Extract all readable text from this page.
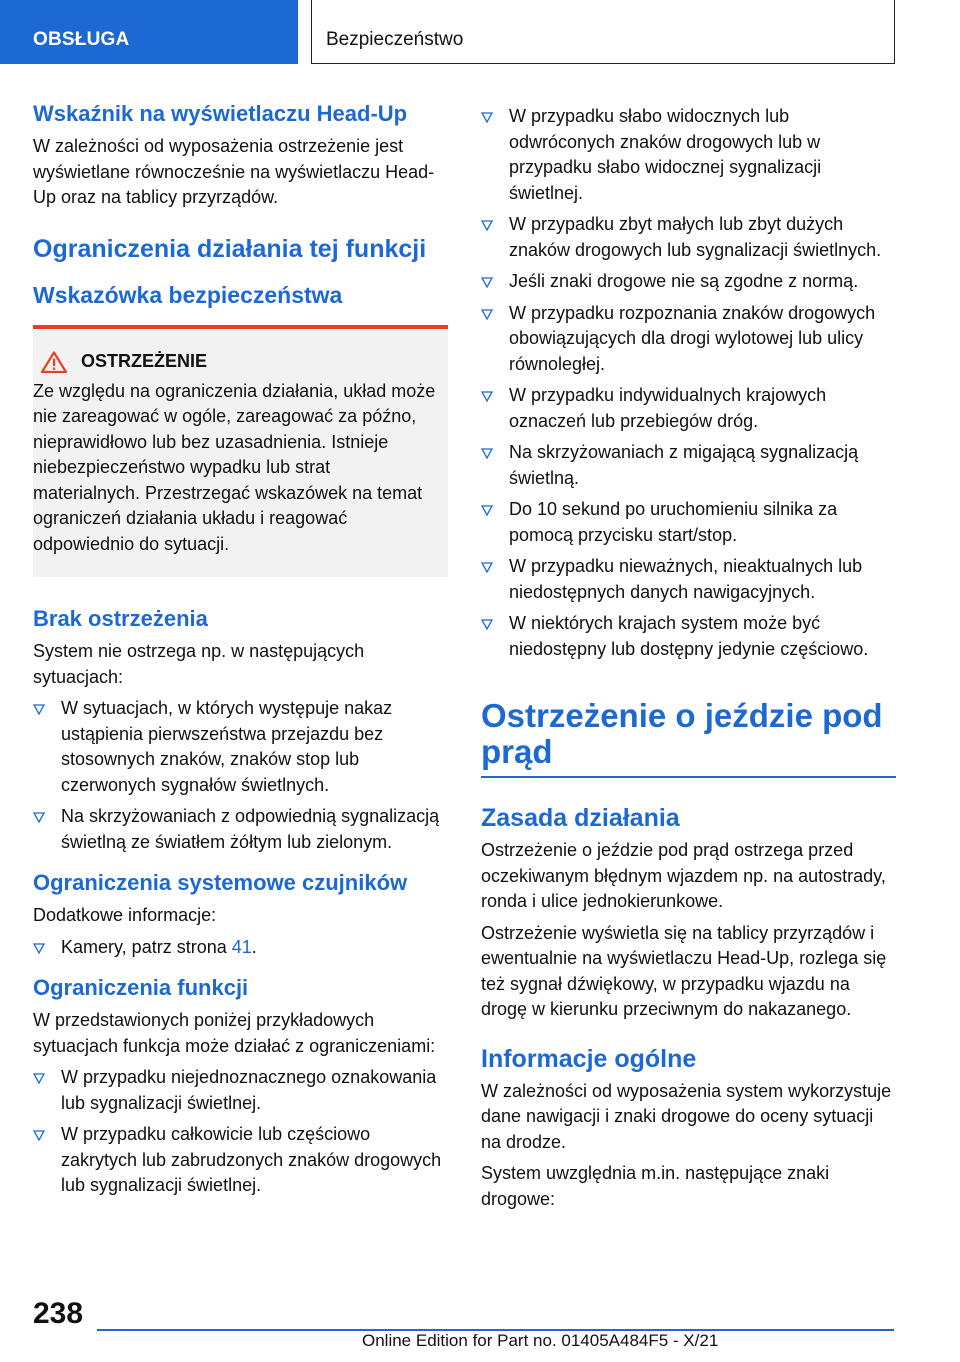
OBSŁUGA	Bezpieczeństwo
Wskaźnik na wyświetlaczu Head-Up

W zależności od wyposażenia ostrzeżenie jest wyświetlane równocześnie na wyświetlaczu Head-Up oraz na tablicy przyrządów.

Ograniczenia działania tej funkcji
Wskazówka bezpieczeństwa
OSTRZEŻENIE

Ze względu na ograniczenia działania, układ może nie zareagować w ogóle, zareagować za późno, nieprawidłowo lub bez uzasadnienia. Istnieje niebezpieczeństwo wypadku lub strat materialnych. Przestrzegać wskazówek na temat ograniczeń działania układu i reagować odpowiednio do sytuacji.

Brak ostrzeżenia

System nie ostrzega np. w następujących sytuacjach:

W sytuacjach, w których występuje nakaz ustąpienia pierwszeństwa przejazdu bez stosownych znaków, znaków stop lub czerwonych sygnałów świetlnych.
Na skrzyżowaniach z odpowiednią sygnalizacją świetlną ze światłem żółtym lub zielonym.
Ograniczenia systemowe czujników

Dodatkowe informacje:

Kamery, patrz strona 41.
Ograniczenia funkcji

W przedstawionych poniżej przykładowych sytuacjach funkcja może działać z ograniczeniami:

W przypadku niejednoznacznego oznakowania lub sygnalizacji świetlnej.
W przypadku całkowicie lub częściowo zakrytych lub zabrudzonych znaków drogowych lub sygnalizacji świetlnej.
W przypadku słabo widocznych lub odwróconych znaków drogowych lub w przypadku słabo widocznej sygnalizacji świetlnej.
W przypadku zbyt małych lub zbyt dużych znaków drogowych lub sygnalizacji świetlnych.
Jeśli znaki drogowe nie są zgodne z normą.
W przypadku rozpoznania znaków drogowych obowiązujących dla drogi wylotowej lub ulicy równoległej.
W przypadku indywidualnych krajowych oznaczeń lub przebiegów dróg.
Na skrzyżowaniach z migającą sygnalizacją świetlną.
Do 10 sekund po uruchomieniu silnika za pomocą przycisku start/stop.
W przypadku nieważnych, nieaktualnych lub niedostępnych danych nawigacyjnych.
W niektórych krajach system może być niedostępny lub dostępny jedynie częściowo.
Ostrzeżenie o jeździe pod prąd
Zasada działania

Ostrzeżenie o jeździe pod prąd ostrzega przed oczekiwanym błędnym wjazdem np. na autostrady, ronda i ulice jednokierunkowe.

Ostrzeżenie wyświetla się na tablicy przyrządów i ewentualnie na wyświetlaczu Head-Up, rozlega się też sygnał dźwiękowy, w przypadku wjazdu na drogę w kierunku przeciwnym do nakazanego.

Informacje ogólne

W zależności od wyposażenia system wykorzystuje dane nawigacji i znaki drogowe do oceny sytuacji na drodze.

System uwzględnia m.in. następujące znaki drogowe:

238
Online Edition for Part no. 01405A484F5 - X/21
